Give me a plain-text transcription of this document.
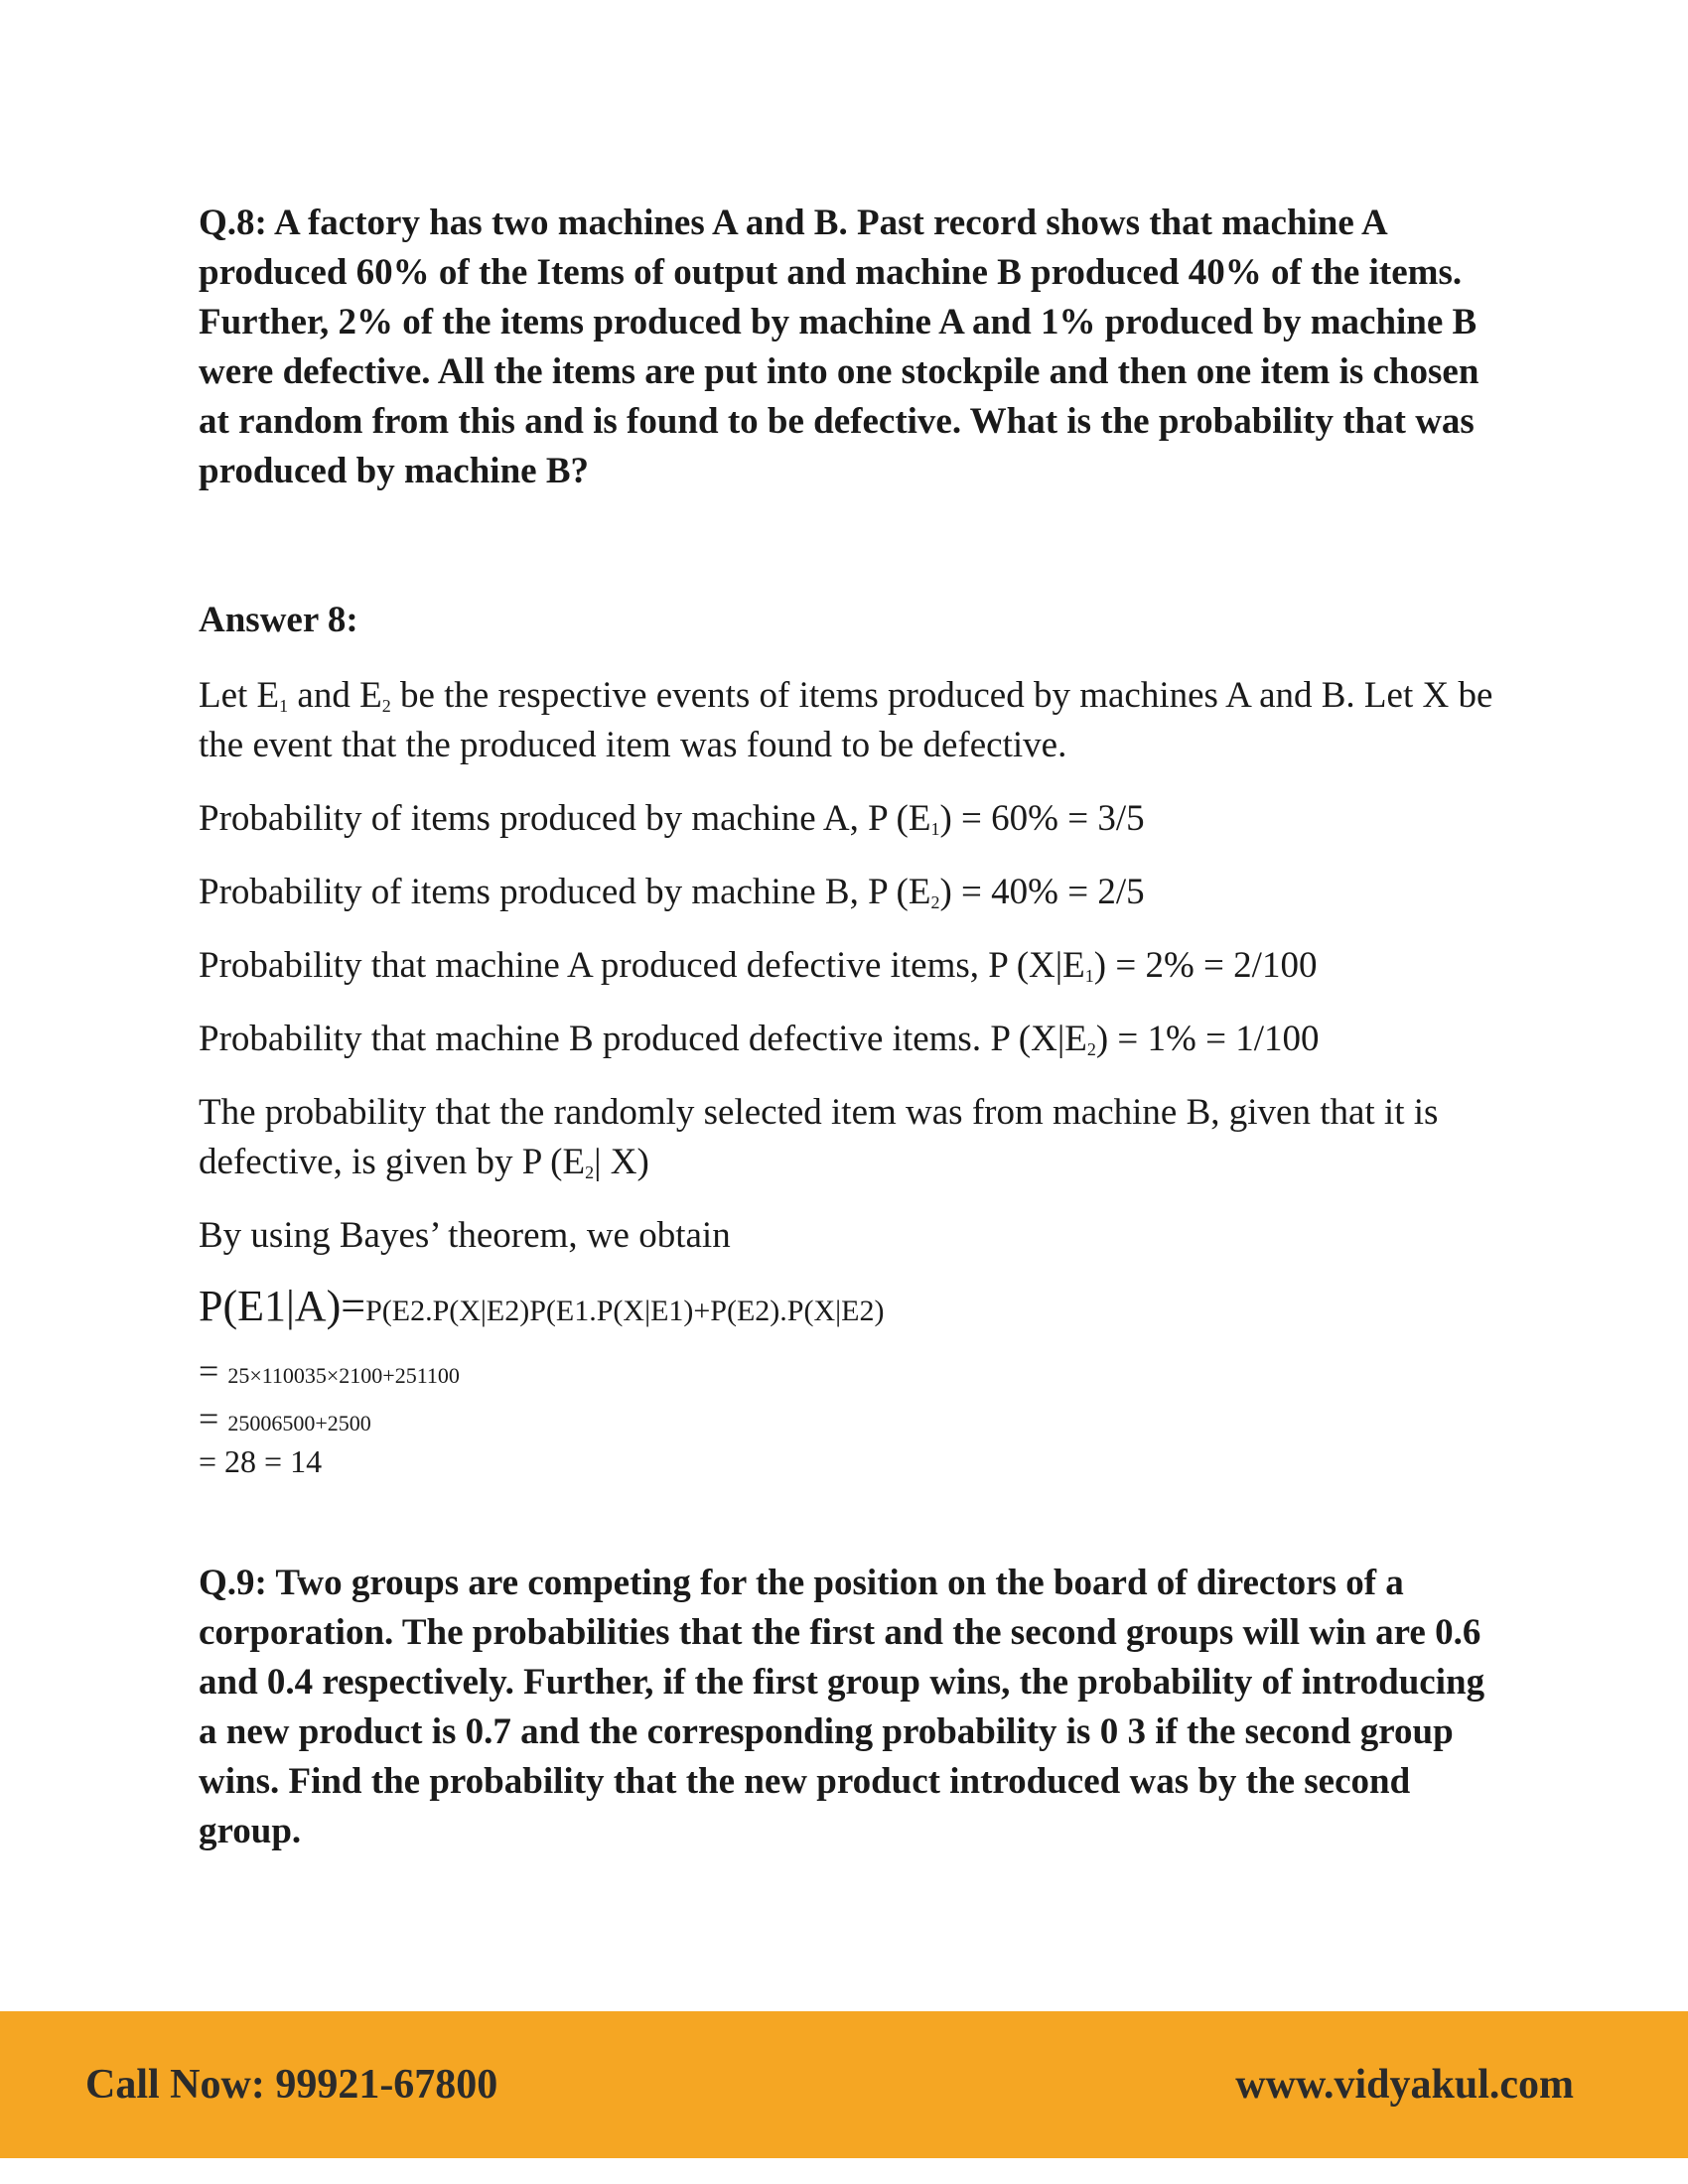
Q.8: A factory has two machines A and B. Past record shows that machine A produced 60% of the Items of output and machine B produced 40% of the items. Further, 2% of the items produced by machine A and 1% produced by machine B were defective. All the items are put into one stockpile and then one item is chosen at random from this and is found to be defective. What is the probability that was produced by machine B?

Answer 8:

Let $E_1$ and $E_2$ be the respective events of items produced by machines A and B. Let X be the event that the produced item was found to be defective.

Probability of items produced by machine A, P $(E_1) = 60\% = 3/5$

Probability of items produced by machine B, P $(E_2) = 40\% = 2/5$

Probability that machine A produced defective items, P $(X|E_1) = 2\% = 2/100$

Probability that machine B produced defective items. P $(X|E_2) = 1\% = 1/100$

The probability that the randomly selected item was from machine B, given that it is defective, is given by P ($E_2|$ X)

By using Bayes’ theorem, we obtain

P(E1|A)=P(E2.P(X|E2)P(E1.P(X|E1)+P(E2).P(X|E2)
= 25×110035×2100+251100
= 25006500+2500
= 28 = 14

Q.9: Two groups are competing for the position on the board of directors of a corporation. The probabilities that the first and the second groups will win are 0.6 and 0.4 respectively. Further, if the first group wins, the probability of introducing a new product is 0.7 and the corresponding probability is 0 3 if the second group wins. Find the probability that the new product introduced was by the second group.

Call Now: 99921-67800	www.vidyakul.com
